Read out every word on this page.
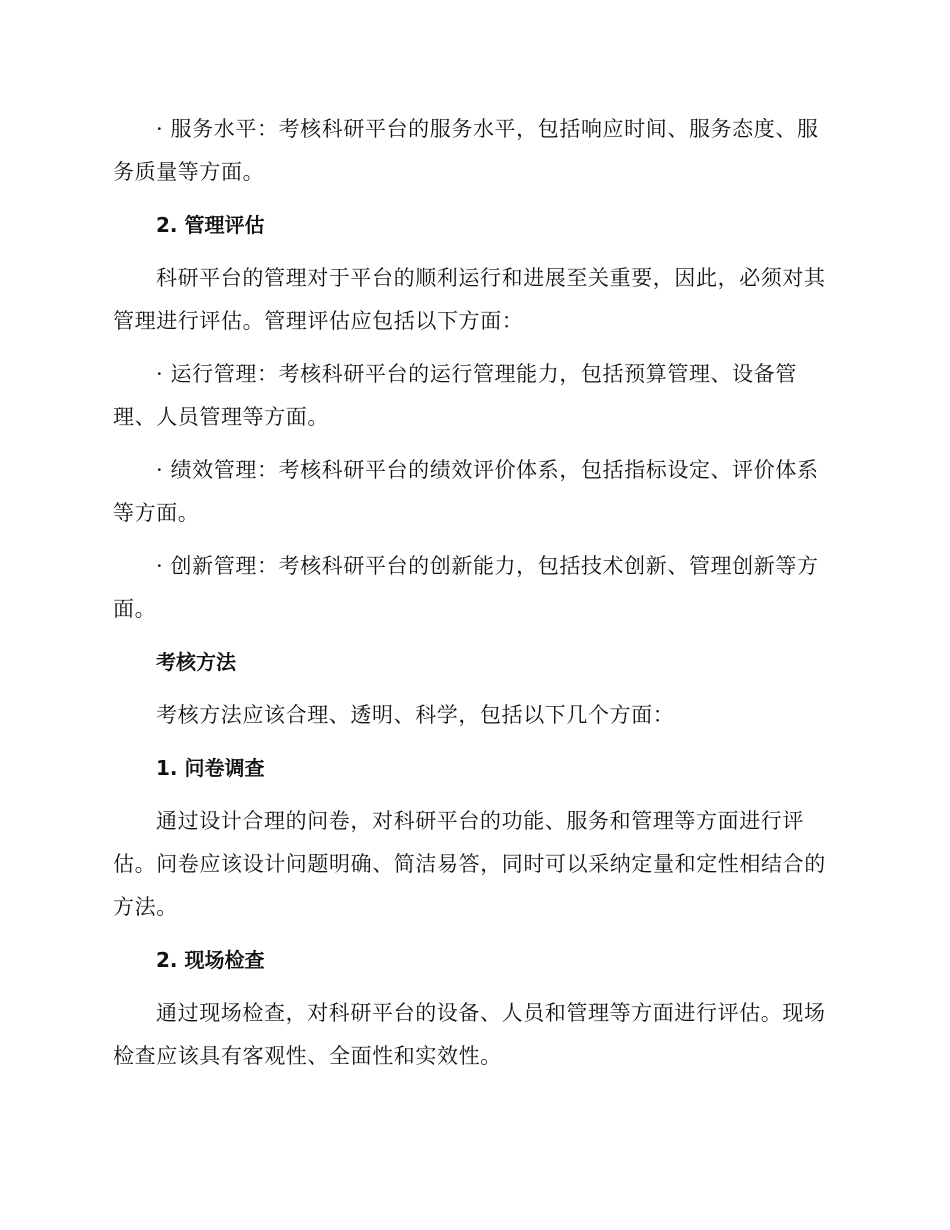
· 服务水平：考核科研平台的服务水平，包括响应时间、服务态度、服务质量等方面。

2. 管理评估

科研平台的管理对于平台的顺利运行和进展至关重要，因此，必须对其管理进行评估。管理评估应包括以下方面：

· 运行管理：考核科研平台的运行管理能力，包括预算管理、设备管理、人员管理等方面。

· 绩效管理：考核科研平台的绩效评价体系，包括指标设定、评价体系等方面。

· 创新管理：考核科研平台的创新能力，包括技术创新、管理创新等方面。

考核方法

考核方法应该合理、透明、科学，包括以下几个方面：

1. 问卷调查

通过设计合理的问卷，对科研平台的功能、服务和管理等方面进行评估。问卷应该设计问题明确、简洁易答，同时可以采纳定量和定性相结合的方法。

2. 现场检查

通过现场检查，对科研平台的设备、人员和管理等方面进行评估。现场检查应该具有客观性、全面性和实效性。
